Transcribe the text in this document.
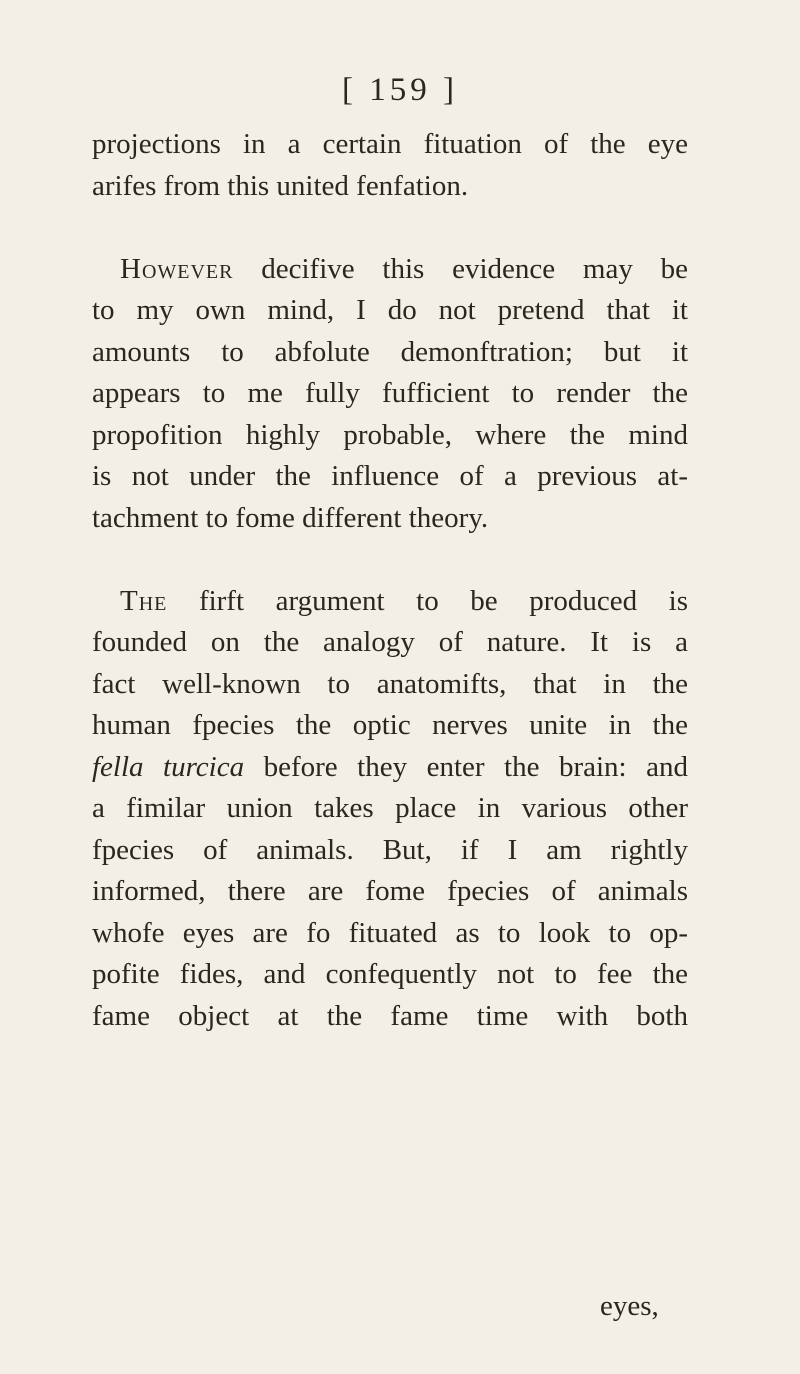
[ 159 ]
projections in a certain fituation of the eye
arifes from this united fenfation.
However decifive this evidence may be
to my own mind, I do not pretend that it
amounts to abfolute demonftration; but it
appears to me fully fufficient to render the
propofition highly probable, where the mind
is not under the influence of a previous at-
tachment to fome different theory.
The firft argument to be produced is
founded on the analogy of nature. It is a
fact well-known to anatomifts, that in the
human fpecies the optic nerves unite in the
fella turcica before they enter the brain: and
a fimilar union takes place in various other
fpecies of animals. But, if I am rightly
informed, there are fome fpecies of animals
whofe eyes are fo fituated as to look to op-
pofite fides, and confequently not to fee the
fame object at the fame time with both
eyes,
